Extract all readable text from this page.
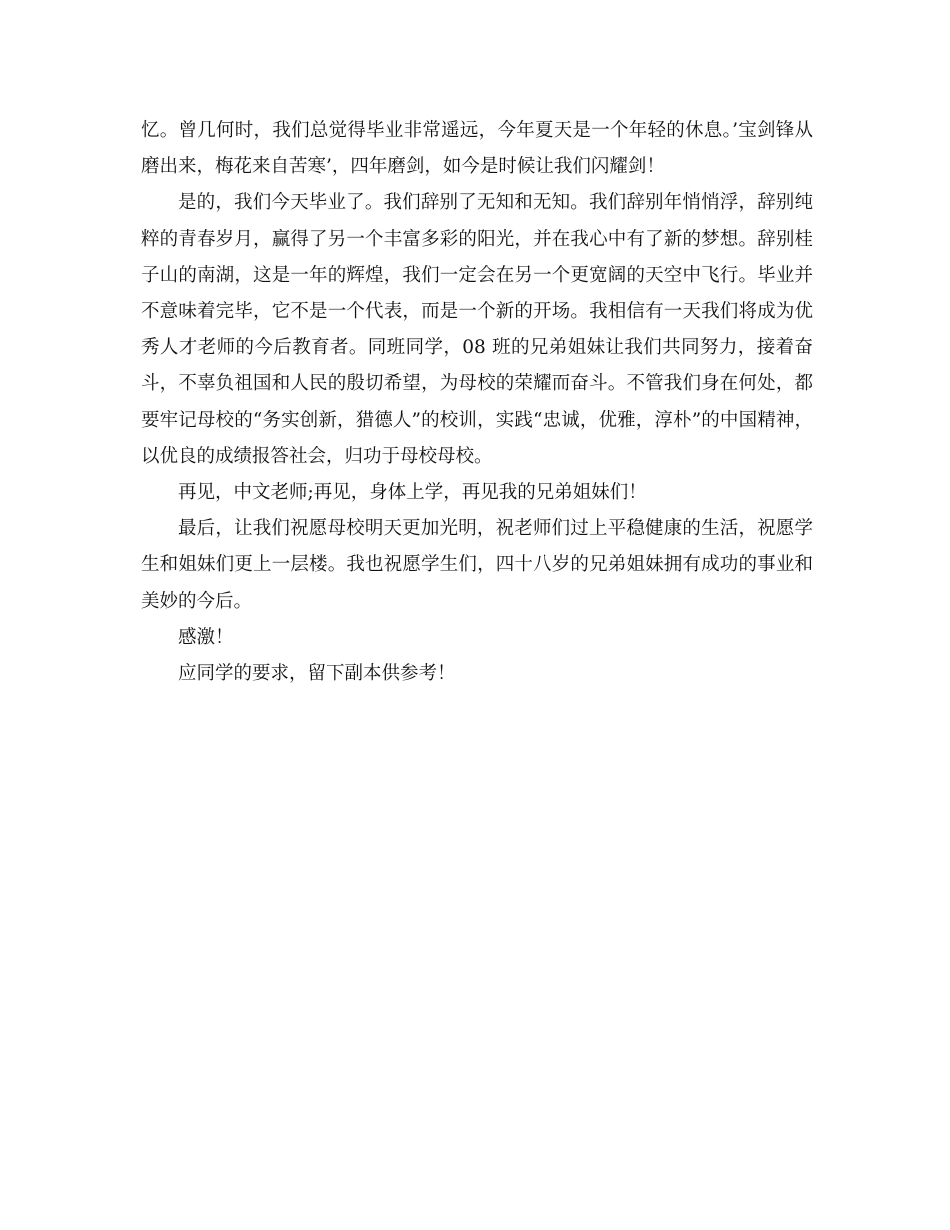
忆。曾几何时，我们总觉得毕业非常遥远，今年夏天是一个年轻的休息。’宝剑锋从磨出来，梅花来自苦寒’，四年磨剑，如今是时候让我们闪耀剑！

是的，我们今天毕业了。我们辞别了无知和无知。我们辞别年悄悄浮，辞别纯粹的青春岁月，赢得了另一个丰富多彩的阳光，并在我心中有了新的梦想。辞别桂子山的南湖，这是一年的辉煌，我们一定会在另一个更宽阔的天空中飞行。毕业并不意味着完毕，它不是一个代表，而是一个新的开场。我相信有一天我们将成为优秀人才老师的今后教育者。同班同学，08 班的兄弟姐妹让我们共同努力，接着奋斗，不辜负祖国和人民的殷切希望，为母校的荣耀而奋斗。不管我们身在何处，都要牢记母校的“务实创新，猎德人”的校训，实践“忠诚，优雅，淳朴”的中国精神，以优良的成绩报答社会，归功于母校母校。

再见，中文老师;再见，身体上学，再见我的兄弟姐妹们！

最后，让我们祝愿母校明天更加光明，祝老师们过上平稳健康的生活，祝愿学生和姐妹们更上一层楼。我也祝愿学生们，四十八岁的兄弟姐妹拥有成功的事业和美妙的今后。

感激！

应同学的要求，留下副本供参考！
